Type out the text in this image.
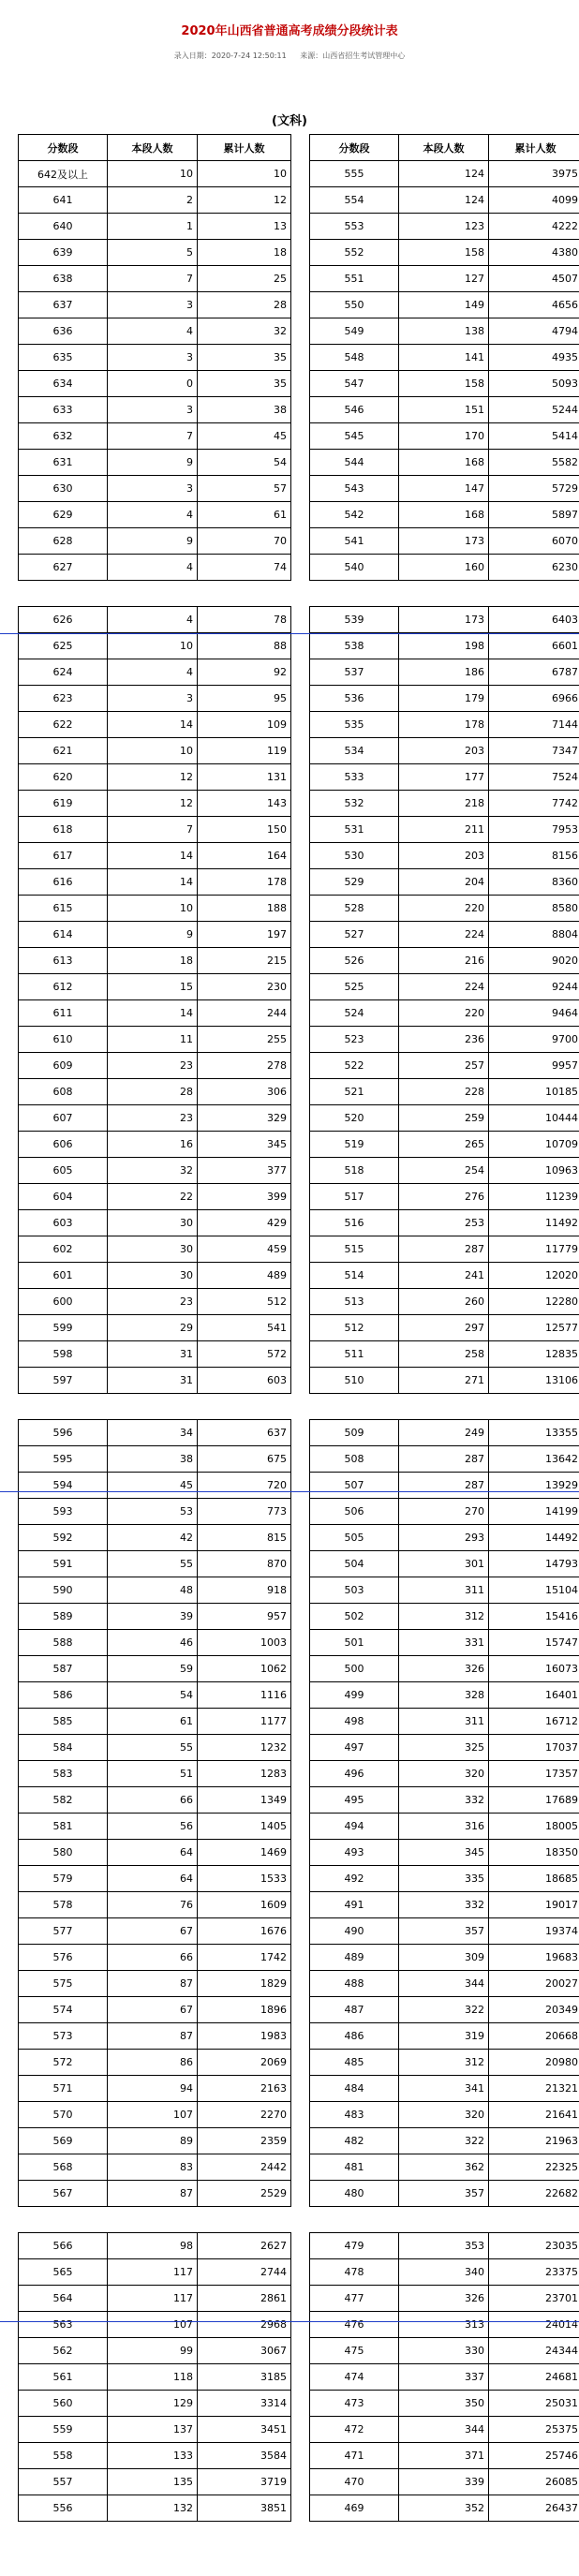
2020年山西省普通高考成绩分段统计表
录入日期：2020-7-24 12:50:11 来源：山西省招生考试管理中心
(文科)
分数段	本段人数	累计人数
642及以上	10	10
641	2	12
640	1	13
639	5	18
638	7	25
637	3	28
636	4	32
635	3	35
634	0	35
633	3	38
632	7	45
631	9	54
630	3	57
629	4	61
628	9	70
627	4	74

626	4	78
625	10	88
624	4	92
623	3	95
622	14	109
621	10	119
620	12	131
619	12	143
618	7	150
617	14	164
616	14	178
615	10	188
614	9	197
613	18	215
612	15	230
611	14	244
610	11	255
609	23	278
608	28	306
607	23	329
606	16	345
605	32	377
604	22	399
603	30	429
602	30	459
601	30	489
600	23	512
599	29	541
598	31	572
597	31	603

596	34	637
595	38	675
594	45	720
593	53	773
592	42	815
591	55	870
590	48	918
589	39	957
588	46	1003
587	59	1062
586	54	1116
585	61	1177
584	55	1232
583	51	1283
582	66	1349
581	56	1405
580	64	1469
579	64	1533
578	76	1609
577	67	1676
576	66	1742
575	87	1829
574	67	1896
573	87	1983
572	86	2069
571	94	2163
570	107	2270
569	89	2359
568	83	2442
567	87	2529

566	98	2627
565	117	2744
564	117	2861
563	107	2968
562	99	3067
561	118	3185
560	129	3314
559	137	3451
558	133	3584
557	135	3719
556	132	3851
分数段	本段人数	累计人数
555	124	3975
554	124	4099
553	123	4222
552	158	4380
551	127	4507
550	149	4656
549	138	4794
548	141	4935
547	158	5093
546	151	5244
545	170	5414
544	168	5582
543	147	5729
542	168	5897
541	173	6070
540	160	6230

539	173	6403
538	198	6601
537	186	6787
536	179	6966
535	178	7144
534	203	7347
533	177	7524
532	218	7742
531	211	7953
530	203	8156
529	204	8360
528	220	8580
527	224	8804
526	216	9020
525	224	9244
524	220	9464
523	236	9700
522	257	9957
521	228	10185
520	259	10444
519	265	10709
518	254	10963
517	276	11239
516	253	11492
515	287	11779
514	241	12020
513	260	12280
512	297	12577
511	258	12835
510	271	13106

509	249	13355
508	287	13642
507	287	13929
506	270	14199
505	293	14492
504	301	14793
503	311	15104
502	312	15416
501	331	15747
500	326	16073
499	328	16401
498	311	16712
497	325	17037
496	320	17357
495	332	17689
494	316	18005
493	345	18350
492	335	18685
491	332	19017
490	357	19374
489	309	19683
488	344	20027
487	322	20349
486	319	20668
485	312	20980
484	341	21321
483	320	21641
482	322	21963
481	362	22325
480	357	22682

479	353	23035
478	340	23375
477	326	23701
476	313	24014
475	330	24344
474	337	24681
473	350	25031
472	344	25375
471	371	25746
470	339	26085
469	352	26437
